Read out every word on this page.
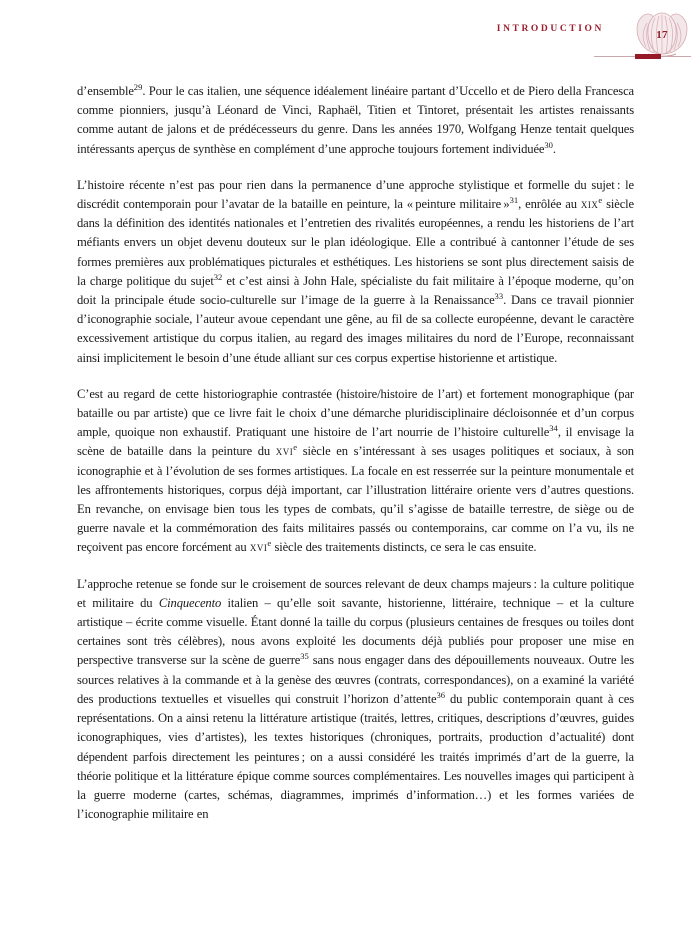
INTRODUCTION	17

d’ensemble$^{29}$. Pour le cas italien, une séquence idéalement linéaire partant d’Uccello et de Piero della Francesca comme pionniers, jusqu’à Léonard de Vinci, Raphaël, Titien et Tintoret, présentait les artistes renaissants comme autant de jalons et de prédécesseurs du genre. Dans les années 1970, Wolfgang Henze tentait quelques intéressants aperçus de synthèse en complément d’une approche toujours fortement individuée$^{30}$.

L’histoire récente n’est pas pour rien dans la permanence d’une approche stylistique et formelle du sujet : le discrédit contemporain pour l’avatar de la bataille en peinture, la « peinture militaire »$^{31}$, enrôlée au xix$^e$ siècle dans la définition des identités nationales et l’entretien des rivalités européennes, a rendu les historiens de l’art méfiants envers un objet devenu douteux sur le plan idéologique. Elle a contribué à cantonner l’étude de ses formes premières aux problématiques picturales et esthétiques. Les historiens se sont plus directement saisis de la charge politique du sujet$^{32}$ et c’est ainsi à John Hale, spécialiste du fait militaire à l’époque moderne, qu’on doit la principale étude socio-culturelle sur l’image de la guerre à la Renaissance$^{33}$. Dans ce travail pionnier d’iconographie sociale, l’auteur avoue cependant une gêne, au fil de sa collecte européenne, devant le caractère excessivement artistique du corpus italien, au regard des images militaires du nord de l’Europe, reconnaissant ainsi implicitement le besoin d’une étude alliant sur ces corpus expertise historienne et artistique.

C’est au regard de cette historiographie contrastée (histoire/histoire de l’art) et fortement monographique (par bataille ou par artiste) que ce livre fait le choix d’une démarche pluridisciplinaire décloisonnée et d’un corpus ample, quoique non exhaustif. Pratiquant une histoire de l’art nourrie de l’histoire culturelle$^{34}$, il envisage la scène de bataille dans la peinture du xvi$^e$ siècle en s’intéressant à ses usages politiques et sociaux, à son iconographie et à l’évolution de ses formes artistiques. La focale en est resserrée sur la peinture monumentale et les affrontements historiques, corpus déjà important, car l’illustration littéraire oriente vers d’autres questions. En revanche, on envisage bien tous les types de combats, qu’il s’agisse de bataille terrestre, de siège ou de guerre navale et la commémoration des faits militaires passés ou contemporains, car comme on l’a vu, ils ne reçoivent pas encore forcément au xvi$^e$ siècle des traitements distincts, ce sera le cas ensuite.

L’approche retenue se fonde sur le croisement de sources relevant de deux champs majeurs : la culture politique et militaire du Cinquecento italien – qu’elle soit savante, historienne, littéraire, technique – et la culture artistique – écrite comme visuelle. Étant donné la taille du corpus (plusieurs centaines de fresques ou toiles dont certaines sont très célèbres), nous avons exploité les documents déjà publiés pour proposer une mise en perspective transverse sur la scène de guerre$^{35}$ sans nous engager dans des dépouillements nouveaux. Outre les sources relatives à la commande et à la genèse des œuvres (contrats, correspondances), on a examiné la variété des productions textuelles et visuelles qui construit l’horizon d’attente$^{36}$ du public contemporain quant à ces représentations. On a ainsi retenu la littérature artistique (traités, lettres, critiques, descriptions d’œuvres, guides iconographiques, vies d’artistes), les textes historiques (chroniques, portraits, production d’actualité) dont dépendent parfois directement les peintures ; on a aussi considéré les traités imprimés d’art de la guerre, la théorie politique et la littérature épique comme sources complémentaires. Les nouvelles images qui participent à la guerre moderne (cartes, schémas, diagrammes, imprimés d’information…) et les formes variées de l’iconographie militaire en
